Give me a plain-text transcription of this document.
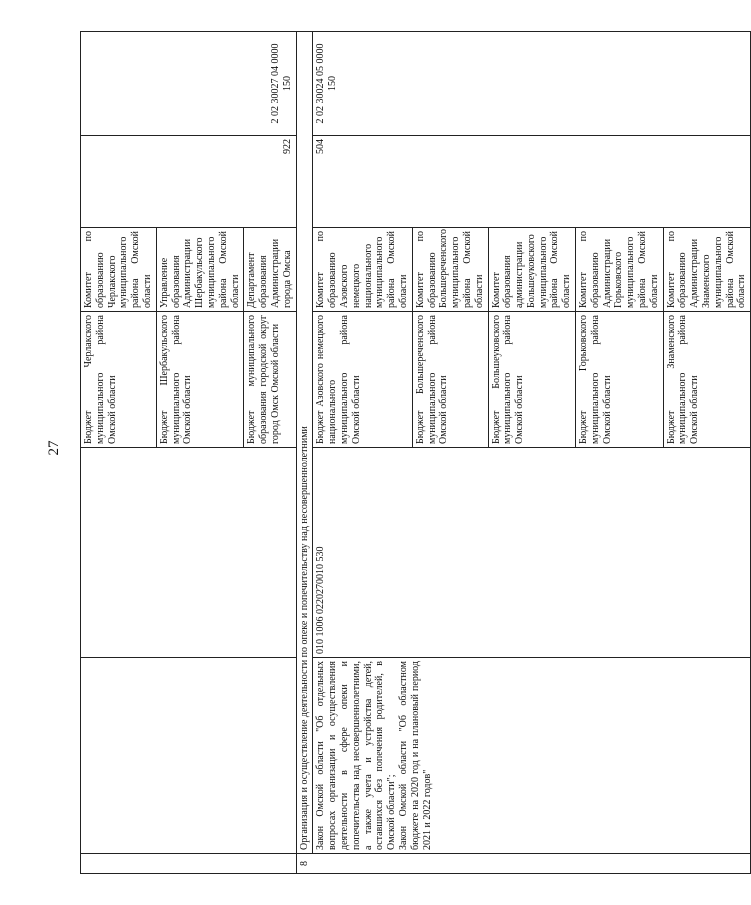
27
			Бюджет Черлакского муниципального района Омской области	Комитет по образованию Черлакского муниципального района Омской области	922	2 02 30027 04 0000 150
			Бюджет Шербакульского муниципального района Омской области	Управление образования Администрации Шербакульского муниципального района Омской области		
			Бюджет муниципального образования городской округ город Омск Омской области	Департамент образования Администрации города Омска		
8	Организация и осуществление деятельности по опеке и попечительству над несовершеннолетними					
	Закон Омской области "Об отдельных вопросах организации и осуществления деятельности в сфере опеки и попечительства над несовершеннолетними, а также учета и устройства детей, оставшихся без попечения родителей, в Омской области";
Закон Омской области "Об областном бюджете на 2020 год и на плановый период 2021 и 2022 годов"	010 1006 0220270010 530	Бюджет Азовского немецкого национального муниципального района Омской области	Комитет по образованию Азовского немецкого национального муниципального района Омской области	504	2 02 30024 05 0000 150
			Бюджет Большереченского муниципального района Омской области	Комитет по образованию Большереченского муниципального района Омской области		
			Бюджет Большеуковского муниципального района Омской области	Комитет образования администрации Большеуковского муниципального района Омской области		
			Бюджет Горьковского муниципального района Омской области	Комитет по образованию Администрации Горьковского муниципального района Омской области		
			Бюджет Знаменского муниципального района Омской области	Комитет по образованию Администрации Знаменского муниципального района Омской области		
